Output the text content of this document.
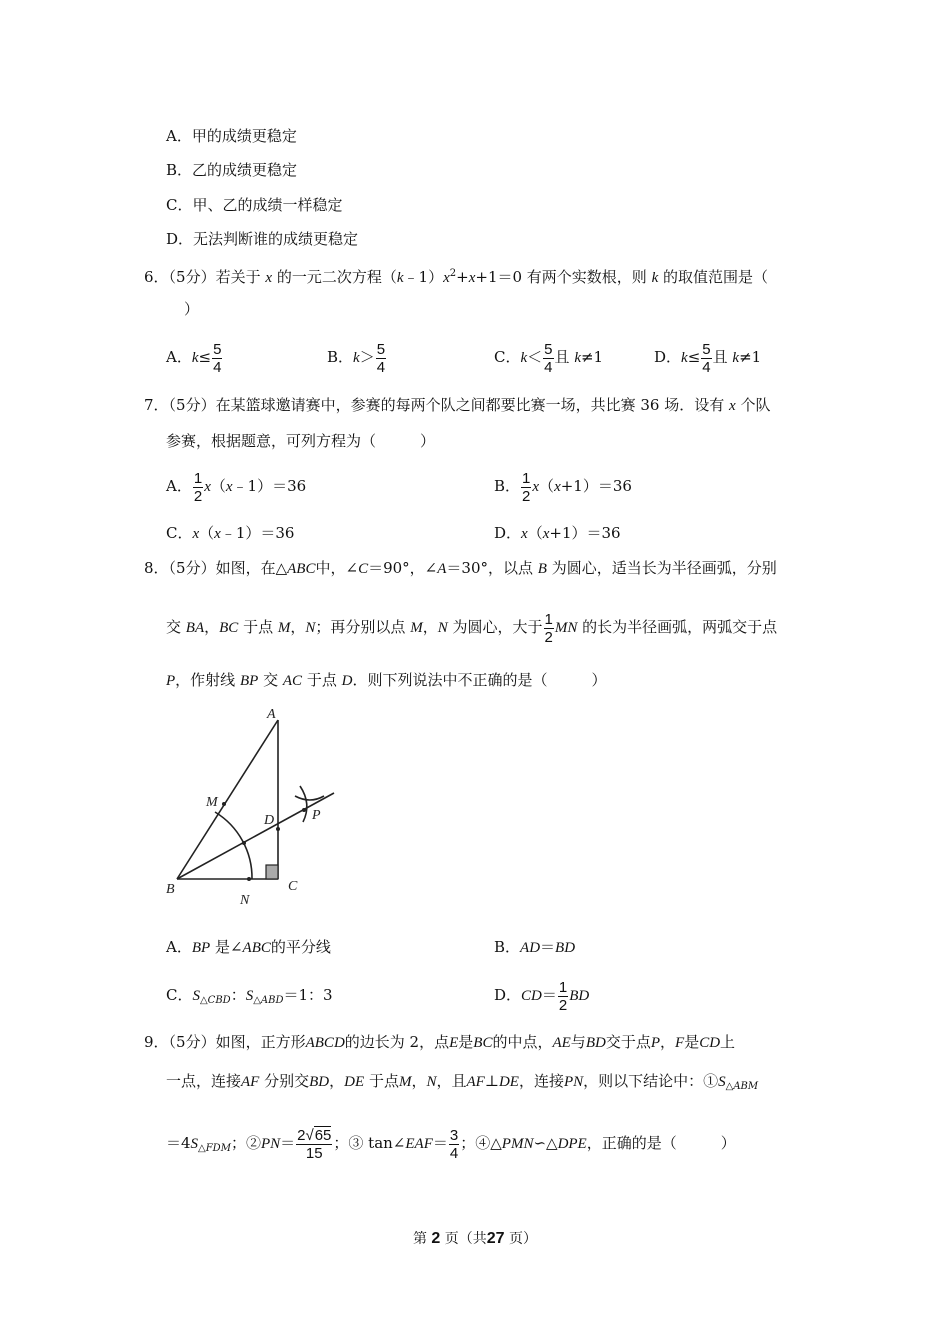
A．甲的成绩更稳定
B．乙的成绩更稳定
C．甲、乙的成绩一样稳定
D．无法判断谁的成绩更稳定
6．（5分）若关于 x 的一元二次方程$(k﹣1)x^2+x+1=0$ 有两个实数根，则 k 的取值范围是（
）
A．$k\le \frac{5}{4}$	B．$k> \frac{5}{4}$	C．$k< \frac{5}{4}$ 且 k≠1	D．$k\le \frac{5}{4}$ 且 k≠1
7．（5分）在某篮球邀请赛中，参赛的每两个队之间都要比赛一场，共比赛 36 场．设有 x 个队
参赛，根据题意，可列方程为（	）
A． $\frac{1}{2}$ x（x﹣1）＝36	B． $\frac{1}{2} x(x+1)=36$
C．x（x﹣1）＝36	D．x（x+1）＝36
8．（5分）如图，在△ABC中，∠C＝90°，∠A＝30°，以点 B 为圆心，适当长为半径画弧，分别
交 BA，BC 于点 M，N；再分别以点 M，N 为圆心，大于 $\frac{1}{2}$ MN 的长为半径画弧，两弧交于点
P，作射线 BP 交 AC 于点 D．则下列说法中不正确的是（	）
A
M
D	P
B
N
C
A．BP 是∠ABC的平分线	B．AD＝BD
C．$S_{\triangle CBD}$：$S_{\triangle ABD}=1$：3	D．$CD= \frac{1}{2}$ BD
9．（5分）如图，正方形ABCD的边长为 2，点E是BC的中点，AE与BD交于点P，F是CD上
一点，连接AF 分别交BD，DE 于点M，N，且AF⊥DE，连接PN，则以下结论中：$①S_{\triangle ABM}$
$=4S_{\triangle FDM}$；②PN＝ $\frac{2√65}{15}$ ；③ tan∠EAF＝ $\frac{3}{4}$ ；④△PMN∽△DPE，正确的是（	）
第 2 页（共27 页）
